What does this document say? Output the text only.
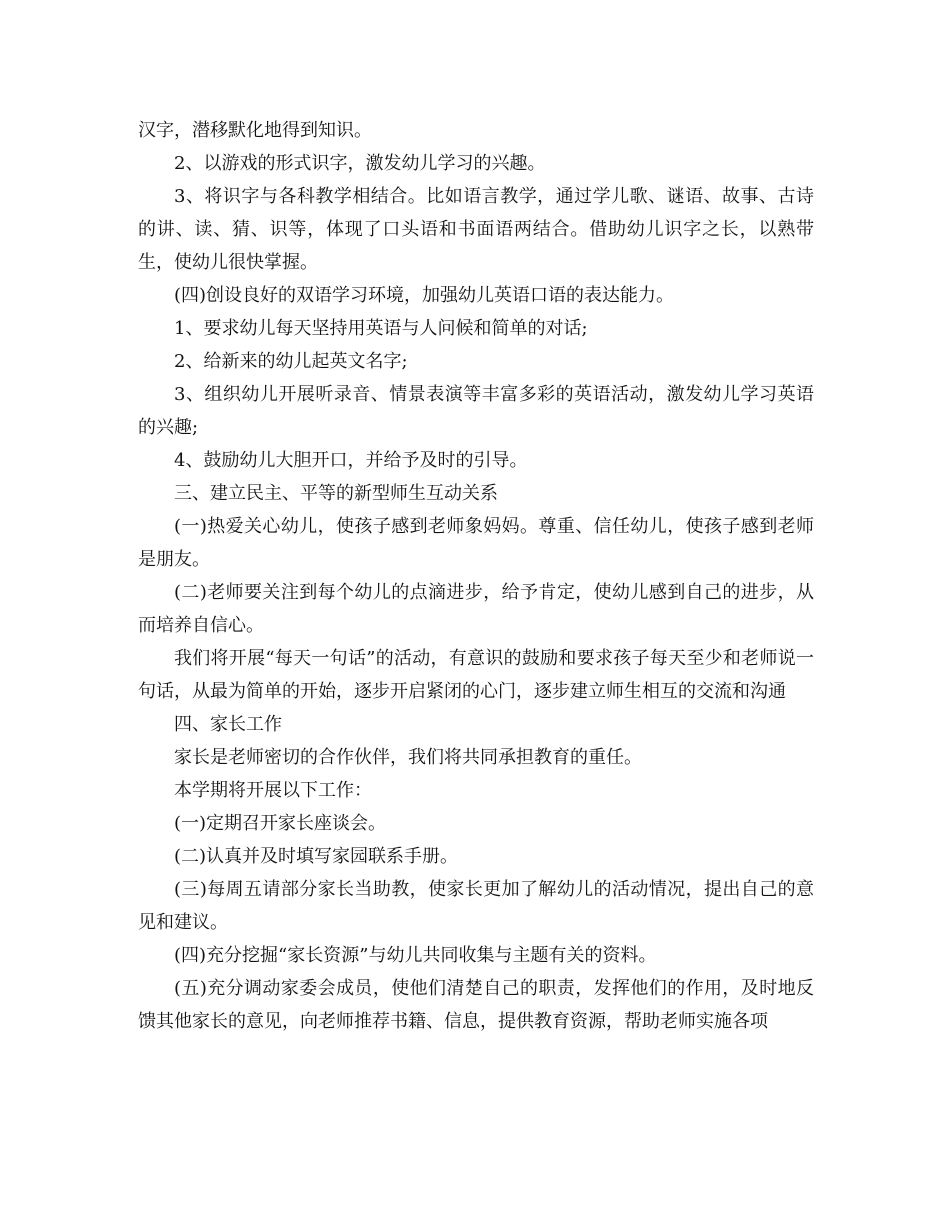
汉字，潜移默化地得到知识。

2、以游戏的形式识字，激发幼儿学习的兴趣。

3、将识字与各科教学相结合。比如语言教学，通过学儿歌、谜语、故事、古诗的讲、读、猜、识等，体现了口头语和书面语两结合。借助幼儿识字之长，以熟带生，使幼儿很快掌握。

(四)创设良好的双语学习环境，加强幼儿英语口语的表达能力。

1、要求幼儿每天坚持用英语与人问候和简单的对话;

2、给新来的幼儿起英文名字;

3、组织幼儿开展听录音、情景表演等丰富多彩的英语活动，激发幼儿学习英语的兴趣;

4、鼓励幼儿大胆开口，并给予及时的引导。

三、建立民主、平等的新型师生互动关系

(一)热爱关心幼儿，使孩子感到老师象妈妈。尊重、信任幼儿，使孩子感到老师是朋友。

(二)老师要关注到每个幼儿的点滴进步，给予肯定，使幼儿感到自己的进步，从而培养自信心。

我们将开展“每天一句话”的活动，有意识的鼓励和要求孩子每天至少和老师说一句话，从最为简单的开始，逐步开启紧闭的心门，逐步建立师生相互的交流和沟通

四、家长工作

家长是老师密切的合作伙伴，我们将共同承担教育的重任。

本学期将开展以下工作：

(一)定期召开家长座谈会。

(二)认真并及时填写家园联系手册。

(三)每周五请部分家长当助教，使家长更加了解幼儿的活动情况，提出自己的意见和建议。

(四)充分挖掘“家长资源”与幼儿共同收集与主题有关的资料。

(五)充分调动家委会成员，使他们清楚自己的职责，发挥他们的作用，及时地反馈其他家长的意见，向老师推荐书籍、信息，提供教育资源，帮助老师实施各项
